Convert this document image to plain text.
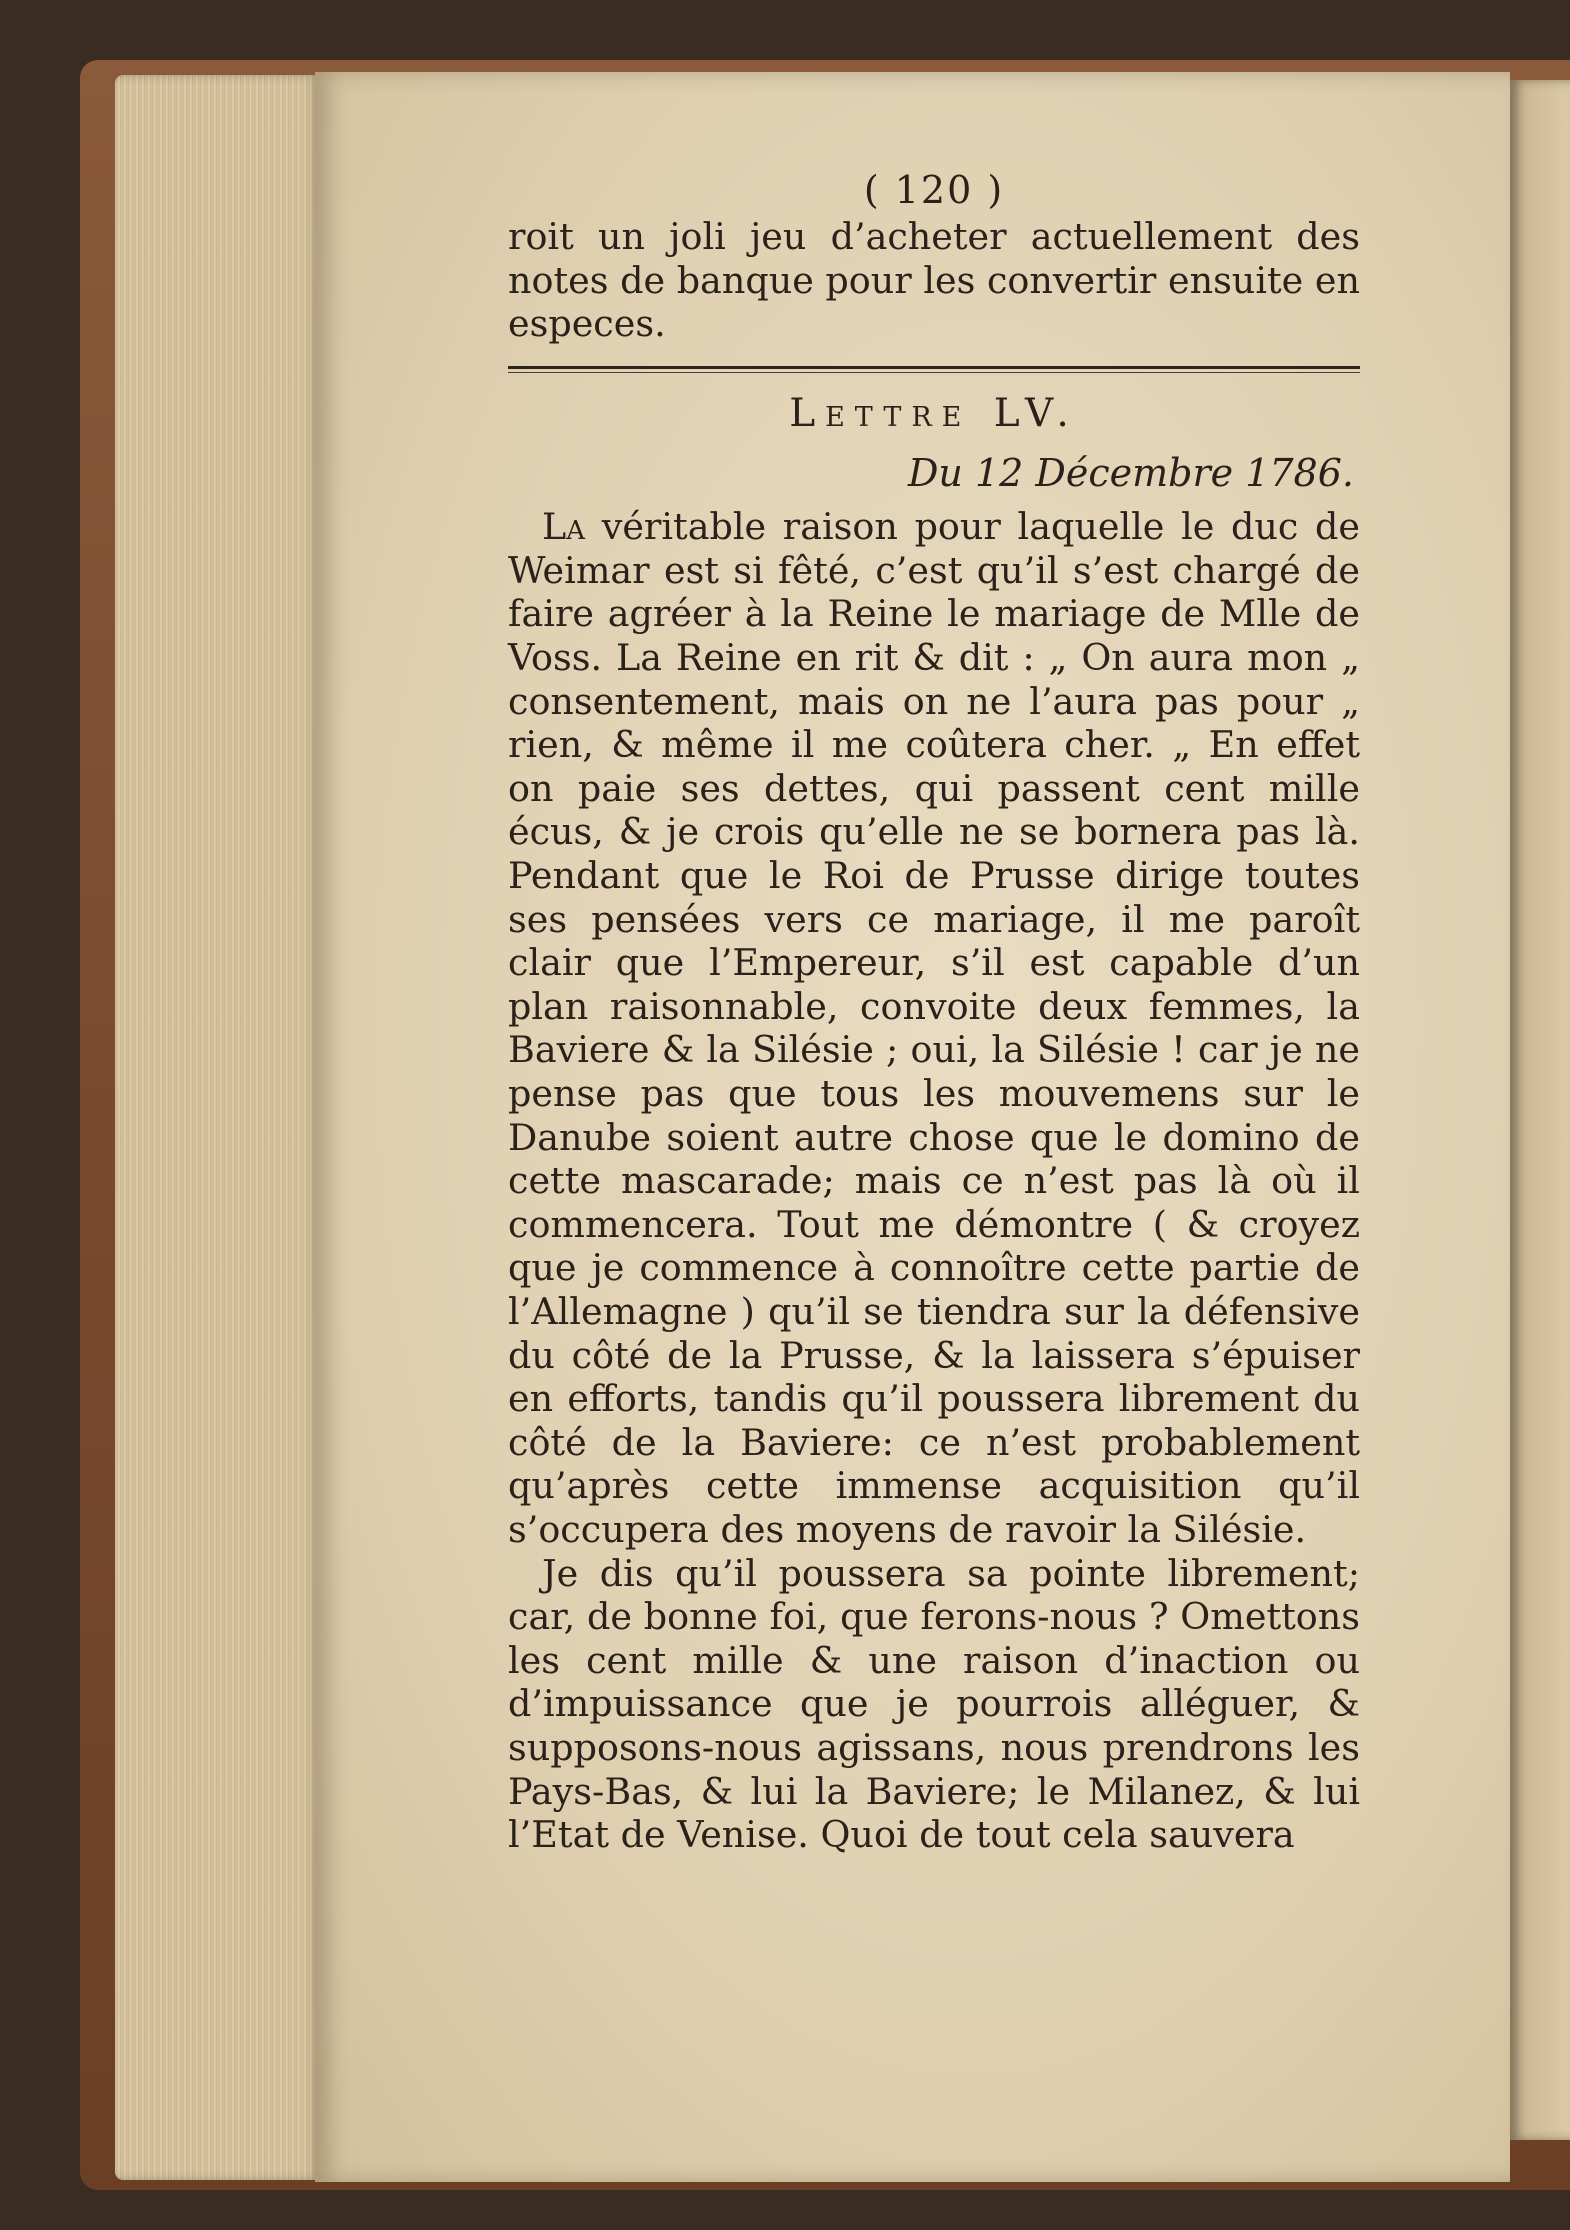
( 120 )

roit un joli jeu d’acheter actuellement des notes de banque pour les convertir ensuite en especes.

Lettre LV.
Du 12 Décembre 1786.

La véritable raison pour laquelle le duc de Weimar est si fêté, c’est qu’il s’est chargé de faire agréer à la Reine le mariage de Mlle de Voss. La Reine en rit & dit : „ On aura mon „ consentement, mais on ne l’aura pas pour „ rien, & même il me coûtera cher. „ En effet on paie ses dettes, qui passent cent mille écus, & je crois qu’elle ne se bornera pas là. Pendant que le Roi de Prusse dirige toutes ses pensées vers ce mariage, il me paroît clair que l’Empereur, s’il est capable d’un plan raisonnable, convoite deux femmes, la Baviere & la Silésie ; oui, la Silésie ! car je ne pense pas que tous les mouvemens sur le Danube soient autre chose que le domino de cette mascarade; mais ce n’est pas là où il commencera. Tout me démontre ( & croyez que je commence à connoître cette partie de l’Allemagne ) qu’il se tiendra sur la défensive du côté de la Prusse, & la laissera s’épuiser en efforts, tandis qu’il poussera librement du côté de la Baviere: ce n’est probablement qu’après cette immense acquisition qu’il s’occupera des moyens de ravoir la Silésie.

Je dis qu’il poussera sa pointe librement; car, de bonne foi, que ferons-nous ? Omettons les cent mille & une raison d’inaction ou d’impuissance que je pourrois alléguer, & supposons-nous agissans, nous prendrons les Pays-Bas, & lui la Baviere; le Milanez, & lui l’Etat de Venise. Quoi de tout cela sauvera
